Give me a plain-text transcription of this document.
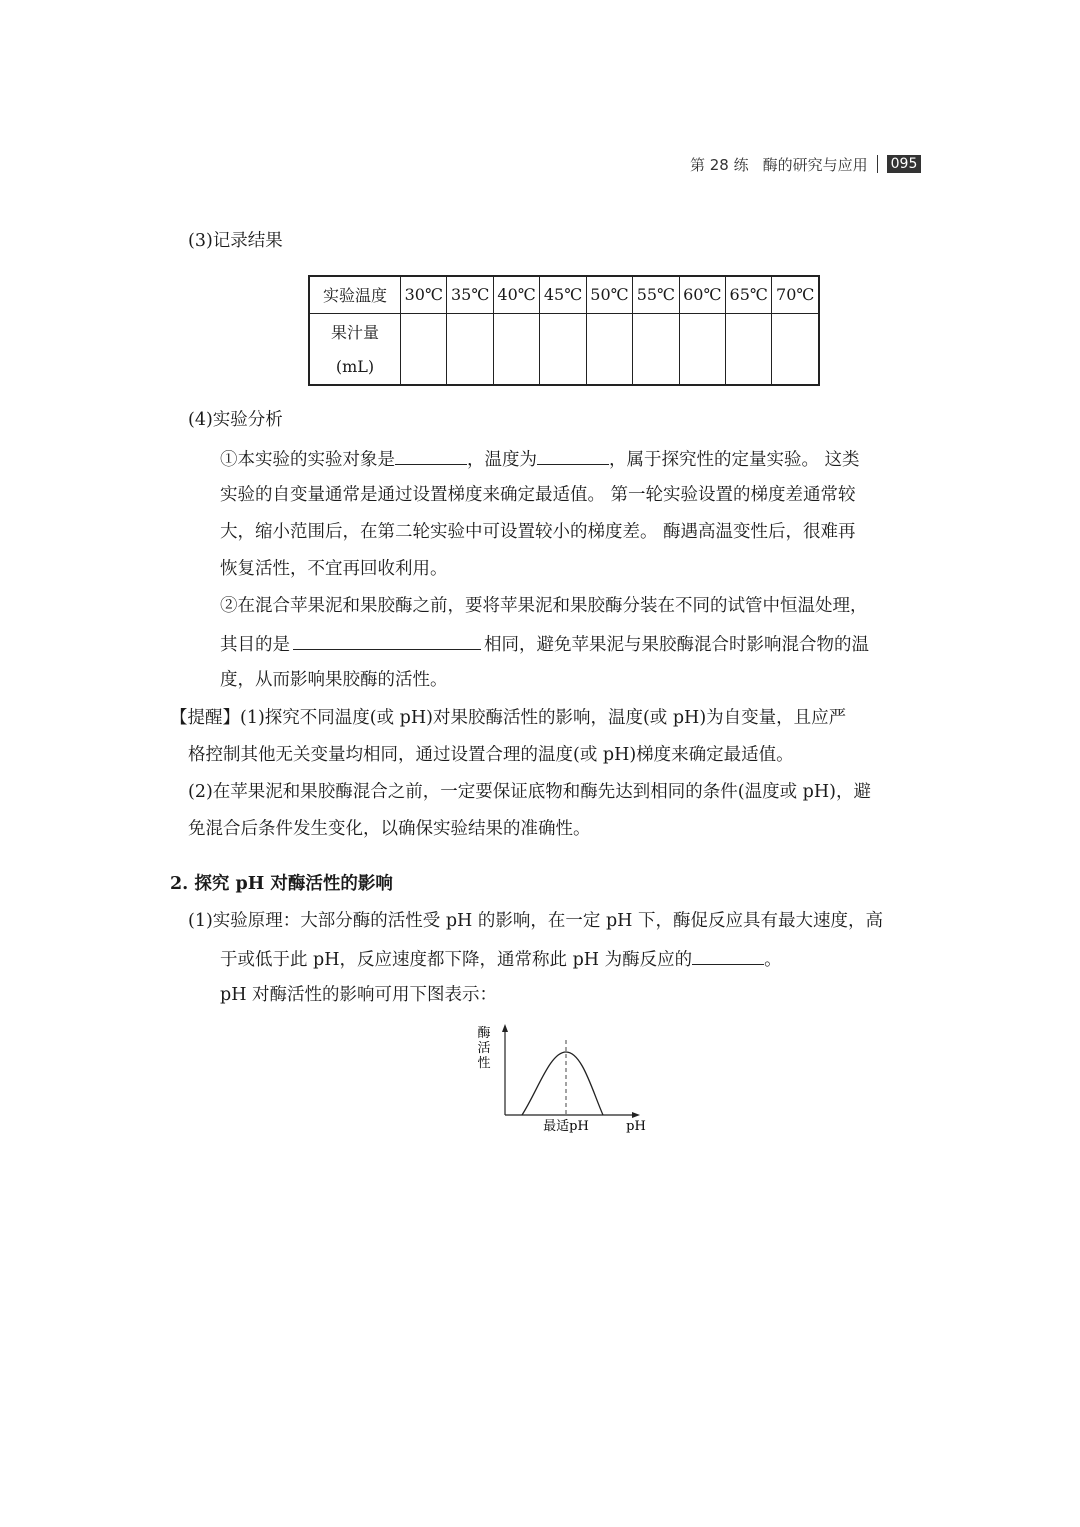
第 28 练 酶的研究与应用 095
(3)记录结果
实验温度	30℃	35℃	40℃	45℃	50℃	55℃	60℃	65℃	70℃
果汁量									
(mL)									
(4)实验分析
①本实验的实验对象是	，温度为	，属于探究性的定量实验。 这类
实验的自变量通常是通过设置梯度来确定最适值。 第一轮实验设置的梯度差通常较
大，缩小范围后，在第二轮实验中可设置较小的梯度差。 酶遇高温变性后，很难再
恢复活性，不宜再回收利用。
②在混合苹果泥和果胶酶之前，要将苹果泥和果胶酶分装在不同的试管中恒温处理，
其目的是	相同，避免苹果泥与果胶酶混合时影响混合物的温
度，从而影响果胶酶的活性。
【提醒】(1)探究不同温度(或 pH)对果胶酶活性的影响，温度(或 pH)为自变量，且应严
格控制其他无关变量均相同，通过设置合理的温度(或 pH)梯度来确定最适值。
(2)在苹果泥和果胶酶混合之前，一定要保证底物和酶先达到相同的条件(温度或 pH)，避
免混合后条件发生变化，以确保实验结果的准确性。
2. 探究 pH 对酶活性的影响
(1)实验原理：大部分酶的活性受 pH 的影响，在一定 pH 下，酶促反应具有最大速度，高
于或低于此 pH，反应速度都下降，通常称此 pH 为酶反应的	。
pH 对酶活性的影响可用下图表示：
酶
活
性
最适pH	pH
